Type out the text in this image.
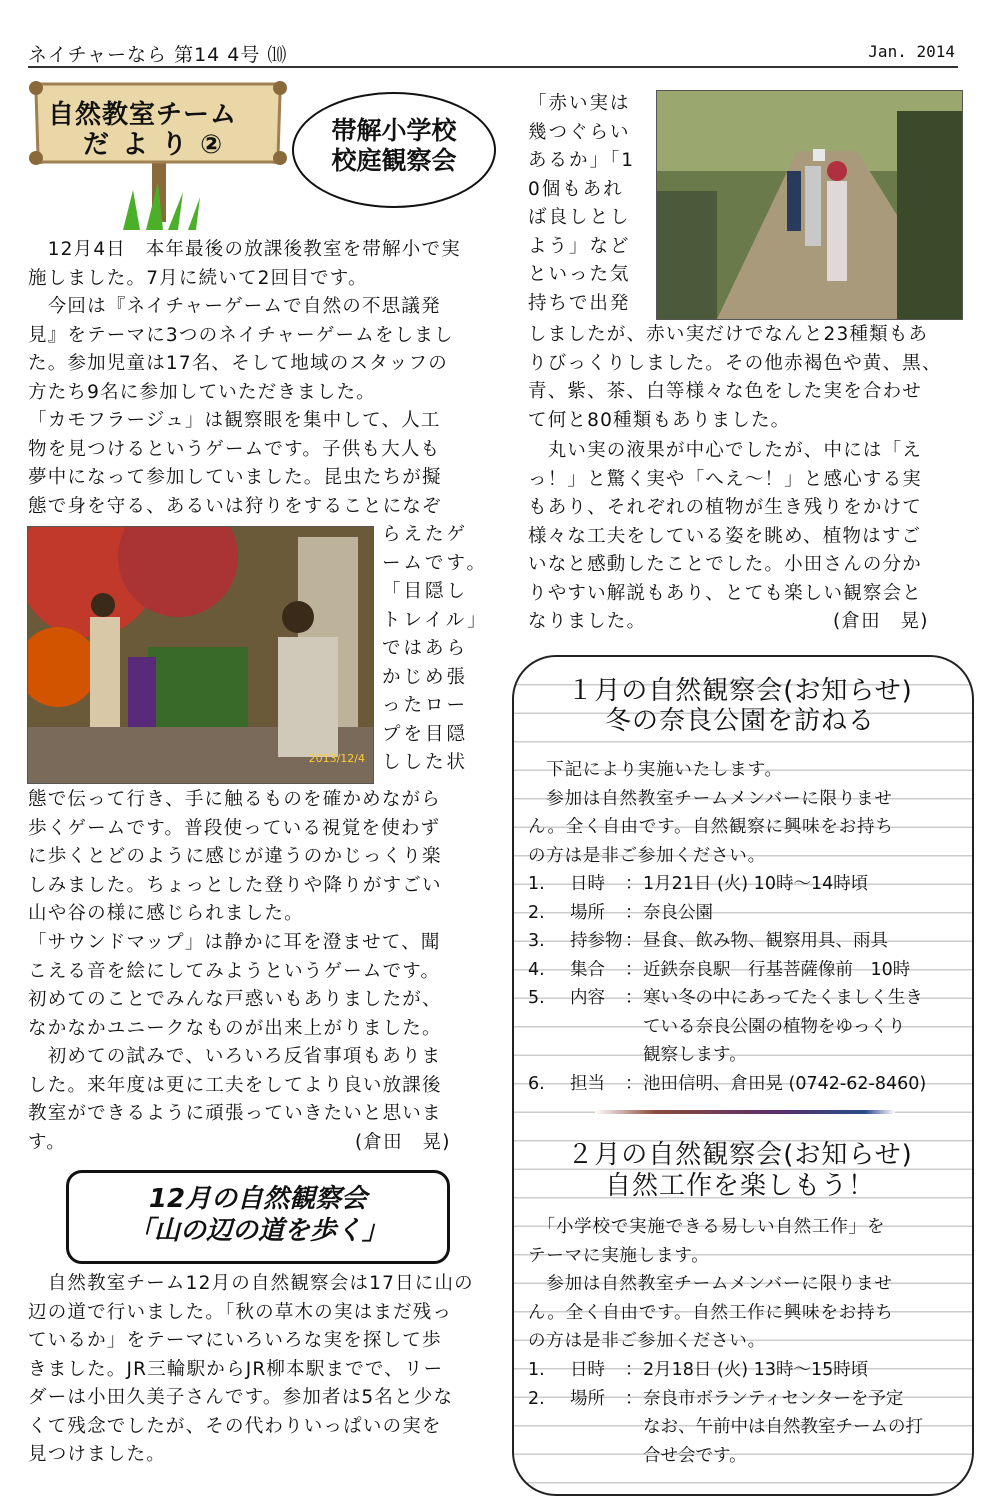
ネイチャーなら 第14 4号 ⑽	Jan. 2014
自然教室チーム
だ よ り ②	帯解小学校
校庭観察会
　12月4日　本年最後の放課後教室を帯解小で実
施しました。7月に続いて2回目です。
　今回は『ネイチャーゲームで自然の不思議発
見』をテーマに3つのネイチャーゲームをしまし
た。参加児童は17名、そして地域のスタッフの
方たち9名に参加していただきました。
「カモフラージュ」は観察眼を集中して、人工
物を見つけるというゲームです。子供も大人も
夢中になって参加していました。昆虫たちが擬
態で身を守る、あるいは狩りをすることになぞ
2013/12/4
らえたゲ
ームです。
「目隠し
トレイル」
ではあら
かじめ張
ったロー
プを目隠
しした状
態で伝って行き、手に触るものを確かめながら
歩くゲームです。普段使っている視覚を使わず
に歩くとどのように感じが違うのかじっくり楽
しみました。ちょっとした登りや降りがすごい
山や谷の様に感じられました。
「サウンドマップ」は静かに耳を澄ませて、聞
こえる音を絵にしてみようというゲームです。
初めてのことでみんな戸惑いもありましたが、
なかなかユニークなものが出来上がりました。
　初めての試みで、いろいろ反省事項もありま
した。来年度は更に工夫をしてより良い放課後
教室ができるように頑張っていきたいと思いま
す。	(倉田　晃)
12月の自然観察会
「山の辺の道を歩く」
　自然教室チーム12月の自然観察会は17日に山の
辺の道で行いました。「秋の草木の実はまだ残っ
ているか」をテーマにいろいろな実を探して歩
きました。JR三輪駅からJR柳本駅までで、リー
ダーは小田久美子さんです。参加者は5名と少な
くて残念でしたが、その代わりいっぱいの実を
見つけました。
「赤い実は
幾つぐらい
あるか」「1
0個もあれ
ば良しとし
よう」など
といった気
持ちで出発
しましたが、赤い実だけでなんと23種類もあ
りびっくりしました。その他赤褐色や黄、黒、
青、紫、茶、白等様々な色をした実を合わせ
て何と80種類もありました。
　丸い実の液果が中心でしたが、中には「え
っ！」と驚く実や「へえ～！」と感心する実
もあり、それぞれの植物が生き残りをかけて
様々な工夫をしている姿を眺め、植物はすご
いなと感動したことでした。小田さんの分か
りやすい解説もあり、とても楽しい観察会と
なりました。	(倉田　晃)
１月の自然観察会(お知らせ)
冬の奈良公園を訪ねる
　下記により実施いたします。
　参加は自然教室チームメンバーに限りませ
ん。全く自由です。自然観察に興味をお持ち
の方は是非ご参加ください。
1.	日時	： 1月21日 (火) 10時～14時頃
2.	場所	： 奈良公園
3.	持参物 ： 昼食、飲み物、観察用具、雨具
4.	集合	： 近鉄奈良駅　行基菩薩像前　10時
5.	内容	： 寒い冬の中にあってたくましく生き
ている奈良公園の植物をゆっくり
観察します。
6.	担当	： 池田信明、倉田晃 (0742-62-8460)
２月の自然観察会(お知らせ)
自然工作を楽しもう！
　「小学校で実施できる易しい自然工作」を
テーマに実施します。
　参加は自然教室チームメンバーに限りませ
ん。全く自由です。自然工作に興味をお持ち
の方は是非ご参加ください。
1.	日時	： 2月18日 (火) 13時～15時頃
2.	場所	： 奈良市ボランティセンターを予定
なお、午前中は自然教室チームの打
合せ会です。
